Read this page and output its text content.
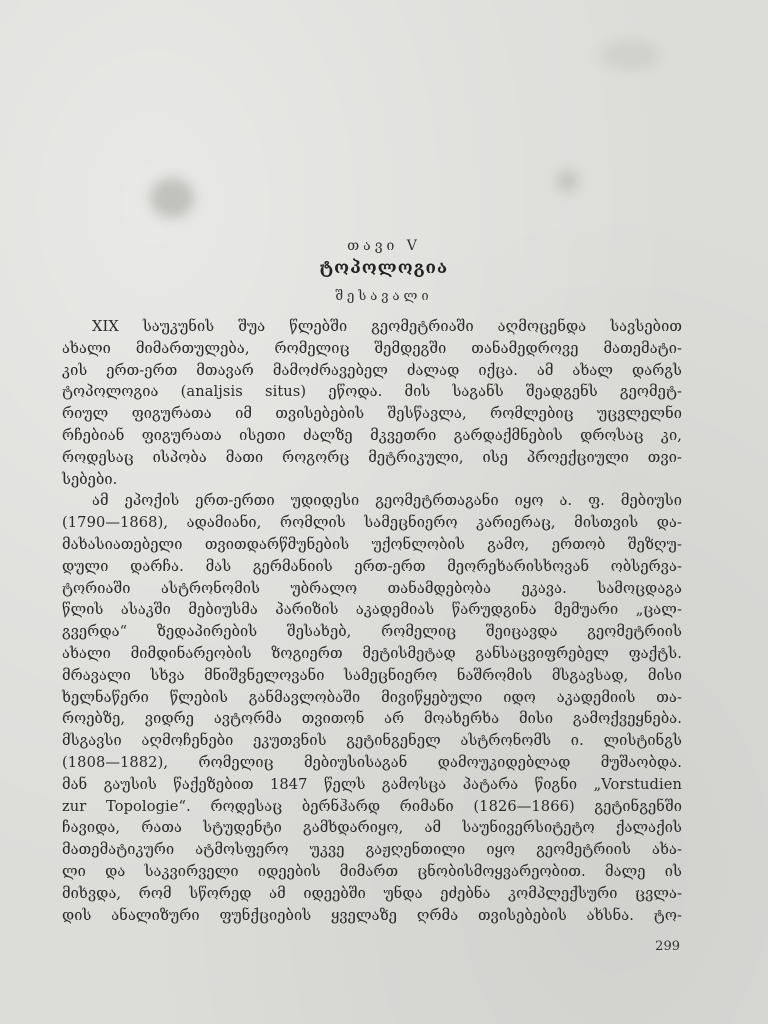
თავი V
ტოპოლოგია
შესავალი
XIX საუკუნის შუა წლებში გეომეტრიაში აღმოცენდა სავსებით
ახალი მიმართულება, რომელიც შემდეგში თანამედროვე მათემატი-
კის ერთ-ერთ მთავარ მამოძრავებელ ძალად იქცა. ამ ახალ დარგს
ტოპოლოგია (analjsis situs) ეწოდა. მის საგანს შეადგენს გეომეტ-
რიულ ფიგურათა იმ თვისებების შესწავლა, რომლებიც უცვლელნი
რჩებიან ფიგურათა ისეთი ძალზე მკვეთრი გარდაქმნების დროსაც კი,
როდესაც ისპობა მათი როგორც მეტრიკული, ისე პროექციული თვი-
სებები.
ამ ეპოქის ერთ-ერთი უდიდესი გეომეტრთაგანი იყო ა. ფ. მებიუსი
(1790—1868), ადამიანი, რომლის სამეცნიერო კარიერაც, მისთვის და-
მახასიათებელი თვითდარწმუნების უქონლობის გამო, ერთობ შეზღუ-
დული დარჩა. მას გერმანიის ერთ-ერთ მეორეხარისხოვან ობსერვა-
ტორიაში ასტრონომის უბრალო თანამდებობა ეკავა. სამოცდაგა
წლის ასაკში მებიუსმა პარიზის აკადემიას წარუდგინა მემუარი „ცალ-
გვერდა“ ზედაპირების შესახებ, რომელიც შეიცავდა გეომეტრიის
ახალი მიმდინარეობის ზოგიერთ მეტისმეტად განსაცვიფრებელ ფაქტს.
მრავალი სხვა მნიშვნელოვანი სამეცნიერო ნაშრომის მსგავსად, მისი
ხელნაწერი წლების განმავლობაში მივიწყებული იდო აკადემიის თა-
როებზე, ვიდრე ავტორმა თვითონ არ მოახერხა მისი გამოქვეყნება.
მსგავსი აღმოჩენები ეკუთვნის გეტინგენელ ასტრონომს ი. ლისტინგს
(1808—1882), რომელიც მებიუსისაგან დამოუკიდებლად მუშაობდა.
მან გაუსის წაქეზებით 1847 წელს გამოსცა პატარა წიგნი „Vorstudien
zur Topologie“. როდესაც ბერნჰარდ რიმანი (1826—1866) გეტინგენში
ჩავიდა, რათა სტუდენტი გამხდარიყო, ამ საუნივერსიტეტო ქალაქის
მათემატიკური ატმოსფერო უკვე გაჟღენთილი იყო გეომეტრიის ახა-
ლი და საკვირველი იდეების მიმართ ცნობისმოყვარეობით. მალე ის
მიხვდა, რომ სწორედ ამ იდეებში უნდა ეძებნა კომპლექსური ცვლა-
დის ანალიზური ფუნქციების ყველაზე ღრმა თვისებების ახსნა. ტო-
299
